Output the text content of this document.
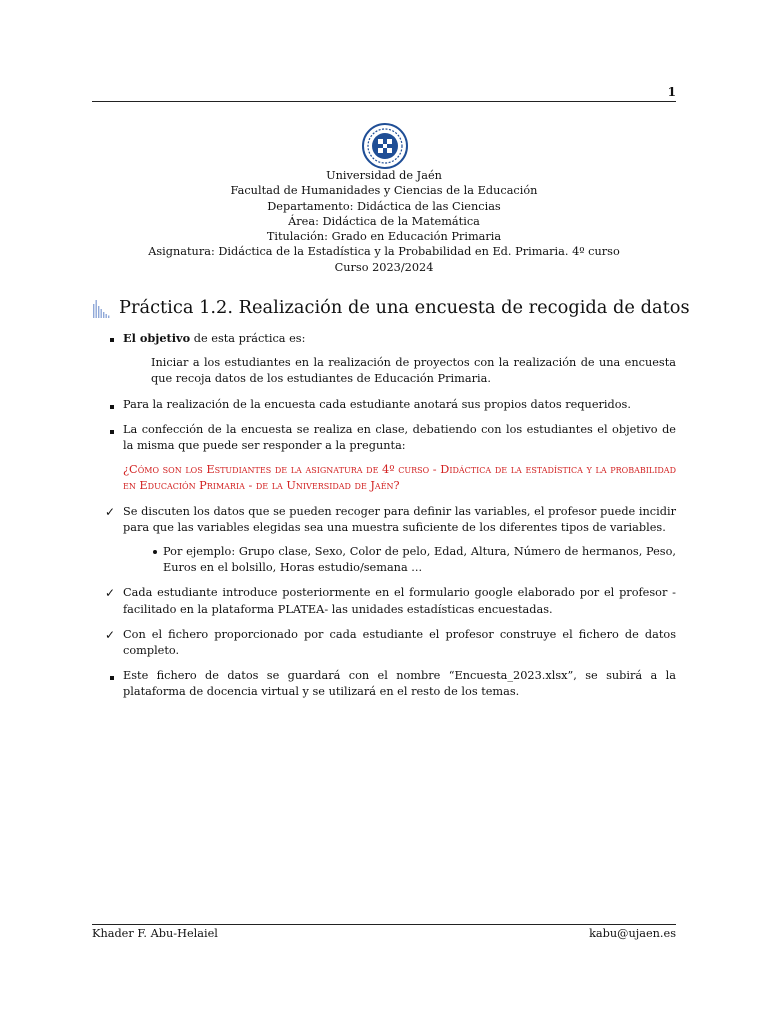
1
Universidad de Jaén
Facultad de Humanidades y Ciencias de la Educación
Departamento: Didáctica de las Ciencias
Área: Didáctica de la Matemática
Titulación: Grado en Educación Primaria
Asignatura: Didáctica de la Estadística y la Probabilidad en Ed. Primaria. 4º curso
Curso 2023/2024
Práctica 1.2. Realización de una encuesta de recogida de datos
El objetivo de esta práctica es:
Iniciar a los estudiantes en la realización de proyectos con la realización de una encuesta que recoja datos de los estudiantes de Educación Primaria.
Para la realización de la encuesta cada estudiante anotará sus propios datos requeridos.
La confección de la encuesta se realiza en clase, debatiendo con los estudiantes el objetivo de la misma que puede ser responder a la pregunta:
¿Cómo son los Estudiantes de la asignatura de 4º curso - Didáctica de la estadística y la probabilidad en Educación Primaria - de la Universidad de Jaén?
✓ Se discuten los datos que se pueden recoger para definir las variables, el profesor puede incidir para que las variables elegidas sea una muestra suficiente de los diferentes tipos de variables.
Por ejemplo: Grupo clase, Sexo, Color de pelo, Edad, Altura, Número de hermanos, Peso, Euros en el bolsillo, Horas estudio/semana ...
✓ Cada estudiante introduce posteriormente en el formulario google elaborado por el profesor - facilitado en la plataforma PLATEA- las unidades estadísticas encuestadas.
✓ Con el fichero proporcionado por cada estudiante el profesor construye el fichero de datos completo.
Este fichero de datos se guardará con el nombre “Encuesta_2023.xlsx”, se subirá a la plataforma de docencia virtual y se utilizará en el resto de los temas.
Khader F. Abu-Helaiel	kabu@ujaen.es
